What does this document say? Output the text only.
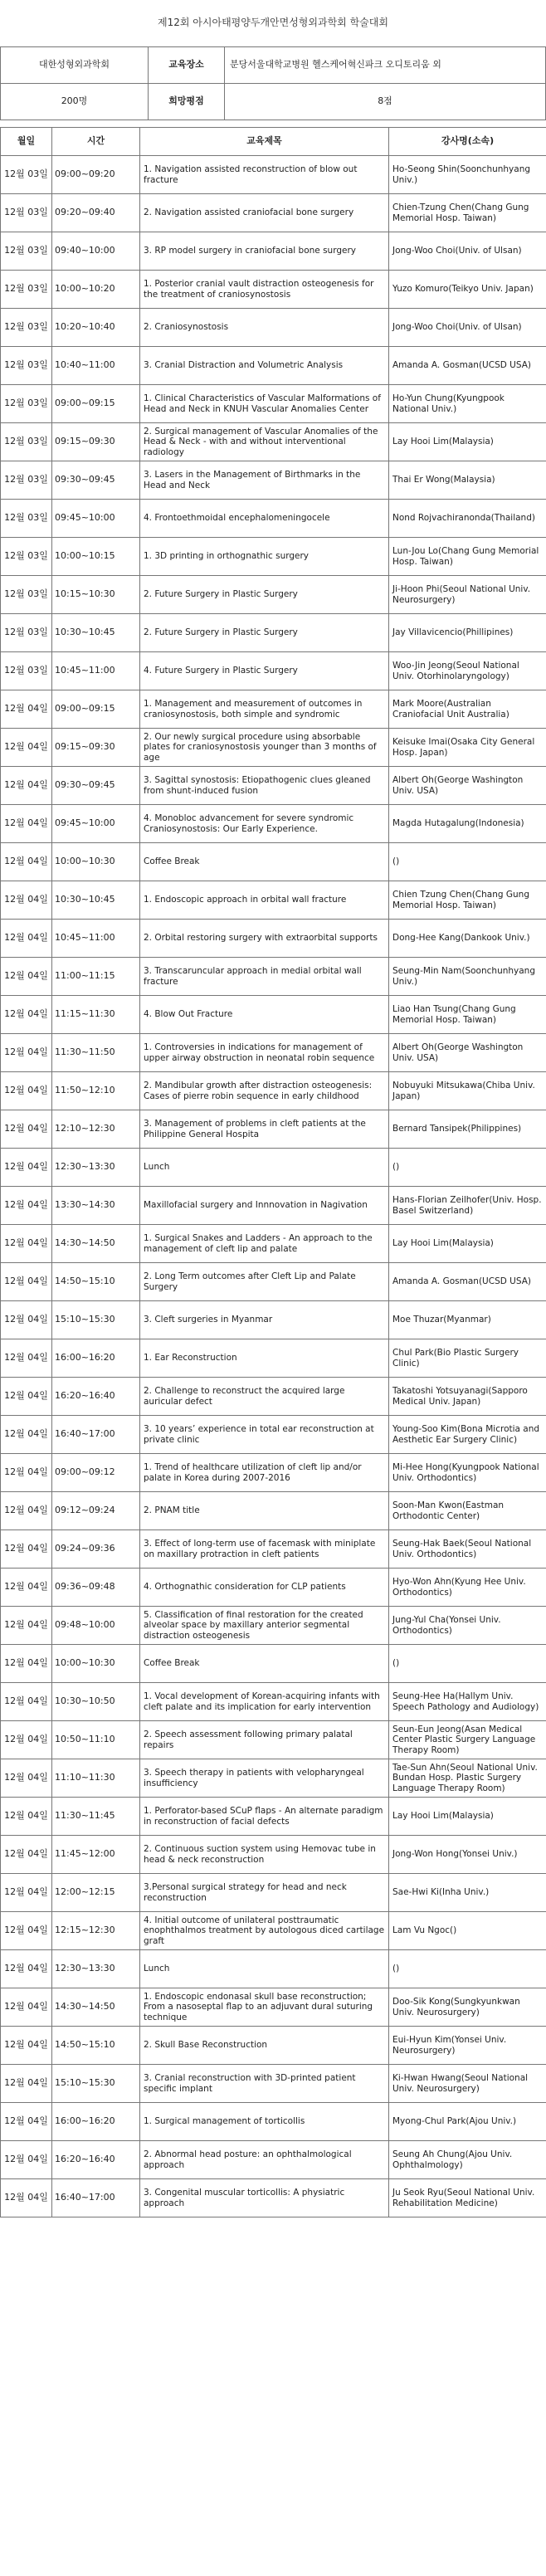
제12회 아시아태평양두개안면성형외과학회 학술대회
대한성형외과학회	교육장소	분당서울대학교병원 헬스케어혁신파크 오디토리움 외
200명	희망평점	8점
월일	시간	교육제목	강사명(소속)
12월 03일	09:00~09:20	1. Navigation assisted reconstruction of blow out fracture	Ho-Seong Shin(Soonchunhyang Univ.)
12월 03일	09:20~09:40	2. Navigation assisted craniofacial bone surgery	Chien-Tzung Chen(Chang Gung Memorial Hosp. Taiwan)
12월 03일	09:40~10:00	3. RP model surgery in craniofacial bone surgery	Jong-Woo Choi(Univ. of Ulsan)
12월 03일	10:00~10:20	1. Posterior cranial vault distraction osteogenesis for the treatment of craniosynostosis	Yuzo Komuro(Teikyo Univ. Japan)
12월 03일	10:20~10:40	2. Craniosynostosis	Jong-Woo Choi(Univ. of Ulsan)
12월 03일	10:40~11:00	3. Cranial Distraction and Volumetric Analysis	Amanda A. Gosman(UCSD USA)
12월 03일	09:00~09:15	1. Clinical Characteristics of Vascular Malformations of Head and Neck in KNUH Vascular Anomalies Center	Ho-Yun Chung(Kyungpook National Univ.)
12월 03일	09:15~09:30	2. Surgical management of Vascular Anomalies of the Head & Neck - with and without interventional radiology	Lay Hooi Lim(Malaysia)
12월 03일	09:30~09:45	3. Lasers in the Management of Birthmarks in the Head and Neck	Thai Er Wong(Malaysia)
12월 03일	09:45~10:00	4. Frontoethmoidal encephalomeningocele	Nond Rojvachiranonda(Thailand)
12월 03일	10:00~10:15	1. 3D printing in orthognathic surgery	Lun-Jou Lo(Chang Gung Memorial Hosp. Taiwan)
12월 03일	10:15~10:30	2. Future Surgery in Plastic Surgery	Ji-Hoon Phi(Seoul National Univ. Neurosurgery)
12월 03일	10:30~10:45	2. Future Surgery in Plastic Surgery	Jay Villavicencio(Phillipines)
12월 03일	10:45~11:00	4. Future Surgery in Plastic Surgery	Woo-Jin Jeong(Seoul National Univ. Otorhinolaryngology)
12월 04일	09:00~09:15	1. Management and measurement of outcomes in craniosynostosis, both simple and syndromic	Mark Moore(Australian Craniofacial Unit Australia)
12월 04일	09:15~09:30	2. Our newly surgical procedure using absorbable plates for craniosynostosis younger than 3 months of age	Keisuke Imai(Osaka City General Hosp. Japan)
12월 04일	09:30~09:45	3. Sagittal synostosis: Etiopathogenic clues gleaned from shunt-induced fusion	Albert Oh(George Washington Univ. USA)
12월 04일	09:45~10:00	4. Monobloc advancement for severe syndromic Craniosynostosis: Our Early Experience.	Magda Hutagalung(Indonesia)
12월 04일	10:00~10:30	Coffee Break	()
12월 04일	10:30~10:45	1. Endoscopic approach in orbital wall fracture	Chien Tzung Chen(Chang Gung Memorial Hosp. Taiwan)
12월 04일	10:45~11:00	2. Orbital restoring surgery with extraorbital supports	Dong-Hee Kang(Dankook Univ.)
12월 04일	11:00~11:15	3. Transcaruncular approach in medial orbital wall fracture	Seung-Min Nam(Soonchunhyang Univ.)
12월 04일	11:15~11:30	4. Blow Out Fracture	Liao Han Tsung(Chang Gung Memorial Hosp. Taiwan)
12월 04일	11:30~11:50	1. Controversies in indications for management of upper airway obstruction in neonatal robin sequence	Albert Oh(George Washington Univ. USA)
12월 04일	11:50~12:10	2. Mandibular growth after distraction osteogenesis: Cases of pierre robin sequence in early childhood	Nobuyuki Mitsukawa(Chiba Univ. Japan)
12월 04일	12:10~12:30	3. Management of problems in cleft patients at the Philippine General Hospita	Bernard Tansipek(Philippines)
12월 04일	12:30~13:30	Lunch	()
12월 04일	13:30~14:30	Maxillofacial surgery and Innnovation in Nagivation	Hans-Florian Zeilhofer(Univ. Hosp. Basel Switzerland)
12월 04일	14:30~14:50	1. Surgical Snakes and Ladders - An approach to the management of cleft lip and palate	Lay Hooi Lim(Malaysia)
12월 04일	14:50~15:10	2. Long Term outcomes after Cleft Lip and Palate Surgery	Amanda A. Gosman(UCSD USA)
12월 04일	15:10~15:30	3. Cleft surgeries in Myanmar	Moe Thuzar(Myanmar)
12월 04일	16:00~16:20	1. Ear Reconstruction	Chul Park(Bio Plastic Surgery Clinic)
12월 04일	16:20~16:40	2. Challenge to reconstruct the acquired large auricular defect	Takatoshi Yotsuyanagi(Sapporo Medical Univ. Japan)
12월 04일	16:40~17:00	3. 10 years’ experience in total ear reconstruction at private clinic	Young-Soo Kim(Bona Microtia and Aesthetic Ear Surgery Clinic)
12월 04일	09:00~09:12	1. Trend of healthcare utilization of cleft lip and/or palate in Korea during 2007-2016	Mi-Hee Hong(Kyungpook National Univ. Orthodontics)
12월 04일	09:12~09:24	2. PNAM title	Soon-Man Kwon(Eastman Orthodontic Center)
12월 04일	09:24~09:36	3. Effect of long-term use of facemask with miniplate on maxillary protraction in cleft patients	Seung-Hak Baek(Seoul National Univ. Orthodontics)
12월 04일	09:36~09:48	4. Orthognathic consideration for CLP patients	Hyo-Won Ahn(Kyung Hee Univ. Orthodontics)
12월 04일	09:48~10:00	5. Classification of final restoration for the created alveolar space by maxillary anterior segmental distraction osteogenesis	Jung-Yul Cha(Yonsei Univ. Orthodontics)
12월 04일	10:00~10:30	Coffee Break	()
12월 04일	10:30~10:50	1. Vocal development of Korean-acquiring infants with cleft palate and its implication for early intervention	Seung-Hee Ha(Hallym Univ. Speech Pathology and Audiology)
12월 04일	10:50~11:10	2. Speech assessment following primary palatal repairs	Seun-Eun Jeong(Asan Medical Center Plastic Surgery Language Therapy Room)
12월 04일	11:10~11:30	3. Speech therapy in patients with velopharyngeal insufficiency	Tae-Sun Ahn(Seoul National Univ. Bundan Hosp. Plastic Surgery Language Therapy Room)
12월 04일	11:30~11:45	1. Perforator-based SCuP flaps - An alternate paradigm in reconstruction of facial defects	Lay Hooi Lim(Malaysia)
12월 04일	11:45~12:00	2. Continuous suction system using Hemovac tube in head & neck reconstruction	Jong-Won Hong(Yonsei Univ.)
12월 04일	12:00~12:15	3.Personal surgical strategy for head and neck reconstruction	Sae-Hwi Ki(Inha Univ.)
12월 04일	12:15~12:30	4. Initial outcome of unilateral posttraumatic enophthalmos treatment by autologous diced cartilage graft	Lam Vu Ngoc()
12월 04일	12:30~13:30	Lunch	()
12월 04일	14:30~14:50	1. Endoscopic endonasal skull base reconstruction; From a nasoseptal flap to an adjuvant dural suturing technique	Doo-Sik Kong(Sungkyunkwan Univ. Neurosurgery)
12월 04일	14:50~15:10	2. Skull Base Reconstruction	Eui-Hyun Kim(Yonsei Univ. Neurosurgery)
12월 04일	15:10~15:30	3. Cranial reconstruction with 3D-printed patient specific implant	Ki-Hwan Hwang(Seoul National Univ. Neurosurgery)
12월 04일	16:00~16:20	1. Surgical management of torticollis	Myong-Chul Park(Ajou Univ.)
12월 04일	16:20~16:40	2. Abnormal head posture: an ophthalmological approach	Seung Ah Chung(Ajou Univ. Ophthalmology)
12월 04일	16:40~17:00	3. Congenital muscular torticollis: A physiatric approach	Ju Seok Ryu(Seoul National Univ. Rehabilitation Medicine)
